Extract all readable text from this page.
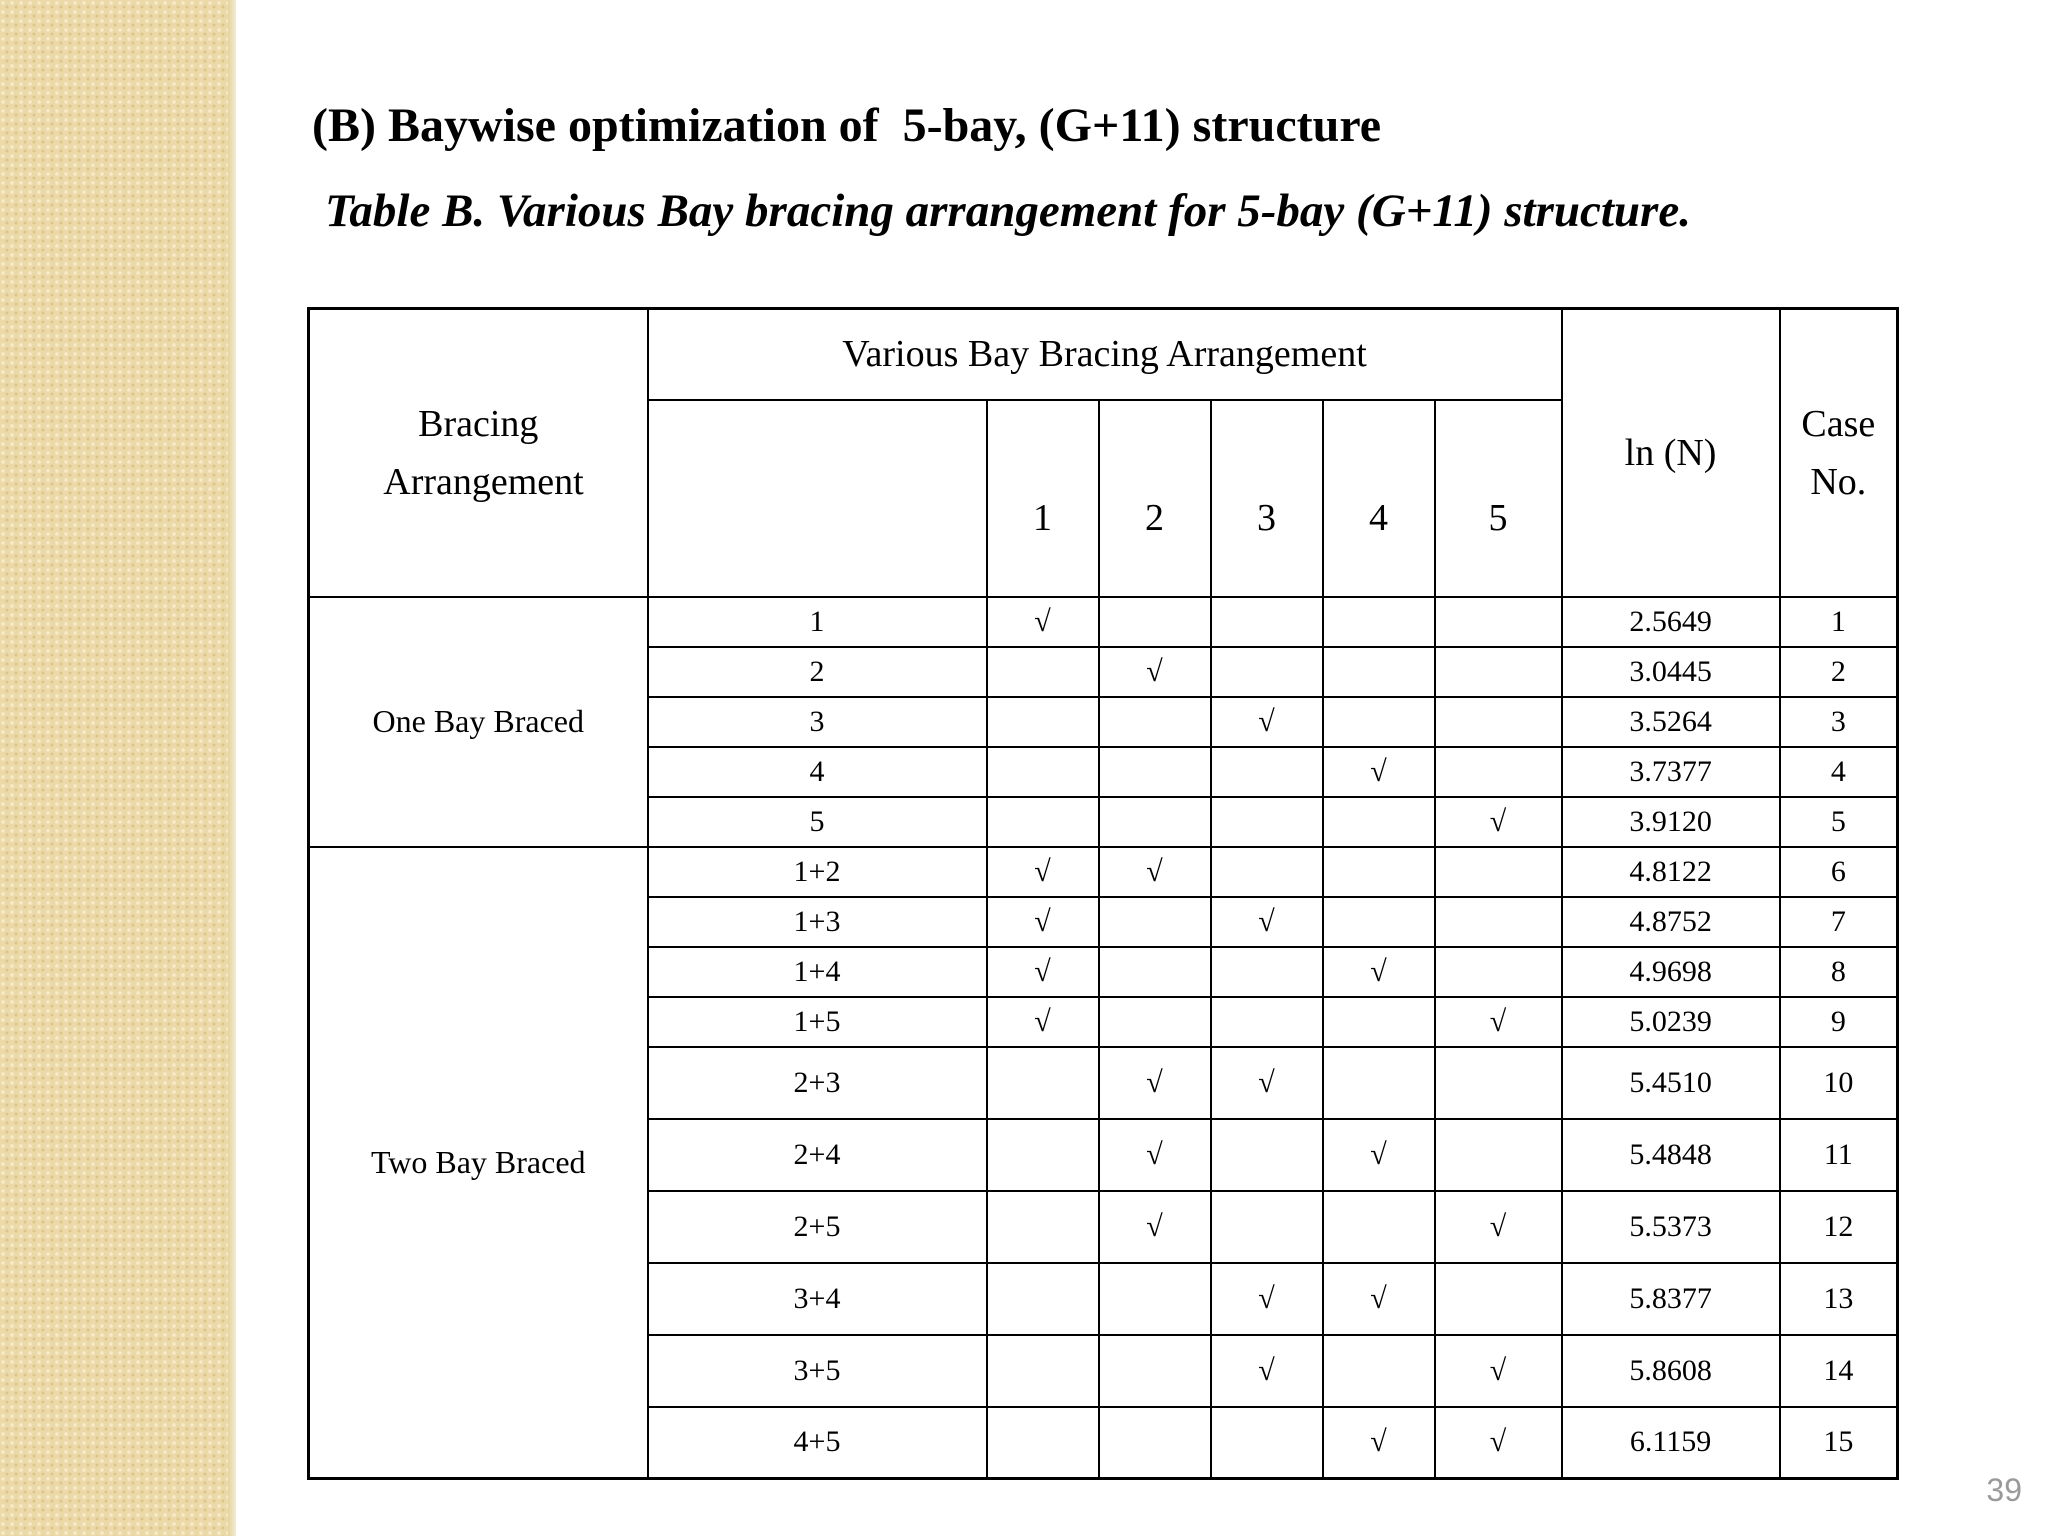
(B) Baywise optimization of  5-bay, (G+11) structure

Table B. Various Bay bracing arrangement for 5-bay (G+11) structure.

Bracing Arrangement	Various Bay Bracing Arrangement						ln (N)	Case No.

		1	2	3	4	5		
One Bay Braced	1	√					2.5649	1
	2		√				3.0445	2
	3			√			3.5264	3
	4				√		3.7377	4
	5					√	3.9120	5
Two Bay Braced	1+2	√	√				4.8122	6
	1+3	√		√			4.8752	7
	1+4	√			√		4.9698	8
	1+5	√				√	5.0239	9
	2+3		√	√			5.4510	10
	2+4		√		√		5.4848	11
	2+5		√			√	5.5373	12
	3+4			√	√		5.8377	13
	3+5			√		√	5.8608	14
	4+5				√	√	6.1159	15
39
